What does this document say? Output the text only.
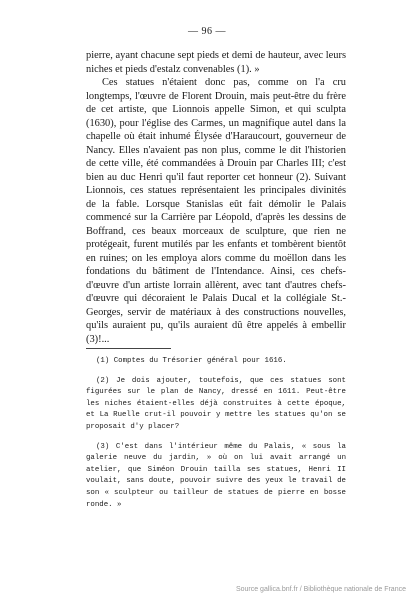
— 96 —

pierre, ayant chacune sept pieds et demi de hauteur, avec leurs niches et pieds d'estalz convenables (1). »

Ces statues n'étaient donc pas, comme on l'a cru longtemps, l'œuvre de Florent Drouin, mais peut-être du frère de cet artiste, que Lionnois appelle Simon, et qui sculpta (1630), pour l'église des Carmes, un magnifique autel dans la chapelle où était inhumé Élysée d'Haraucourt, gouverneur de Nancy. Elles n'avaient pas non plus, comme le dit l'historien de cette ville, été commandées à Drouin par Charles III; c'est bien au duc Henri qu'il faut reporter cet honneur (2). Suivant Lionnois, ces statues représentaient les principales divinités de la fable. Lorsque Stanislas eût fait démolir le Palais commencé sur la Carrière par Léopold, d'après les dessins de Boffrand, ces beaux morceaux de sculpture, que rien ne protégeait, furent mutilés par les enfants et tombèrent bientôt en ruines; on les employa alors comme du moëllon dans les fondations du bâtiment de l'Intendance. Ainsi, ces chefs-d'œuvre d'un artiste lorrain allèrent, avec tant d'autres chefs-d'œuvre qui décoraient le Palais Ducal et la collégiale St.-Georges, servir de matériaux à des constructions nouvelles, qu'ils auraient pu, qu'ils auraient dû être appelés à embellir (3)!...

(1) Comptes du Trésorier général pour 1616.

(2) Je dois ajouter, toutefois, que ces statues sont figurées sur le plan de Nancy, dressé en 1611. Peut-être les niches étaient-elles déjà construites à cette époque, et La Ruelle crut-il pouvoir y mettre les statues qu'on se proposait d'y placer?

(3) C'est dans l'intérieur même du Palais, « sous la galerie neuve du jardin, » où on lui avait arrangé un atelier, que Siméon Drouin tailla ses statues, Henri II voulait, sans doute, pouvoir suivre des yeux le travail de son « sculpteur ou tailleur de statues de pierre en bosse ronde. »

Source gallica.bnf.fr / Bibliothèque nationale de France
